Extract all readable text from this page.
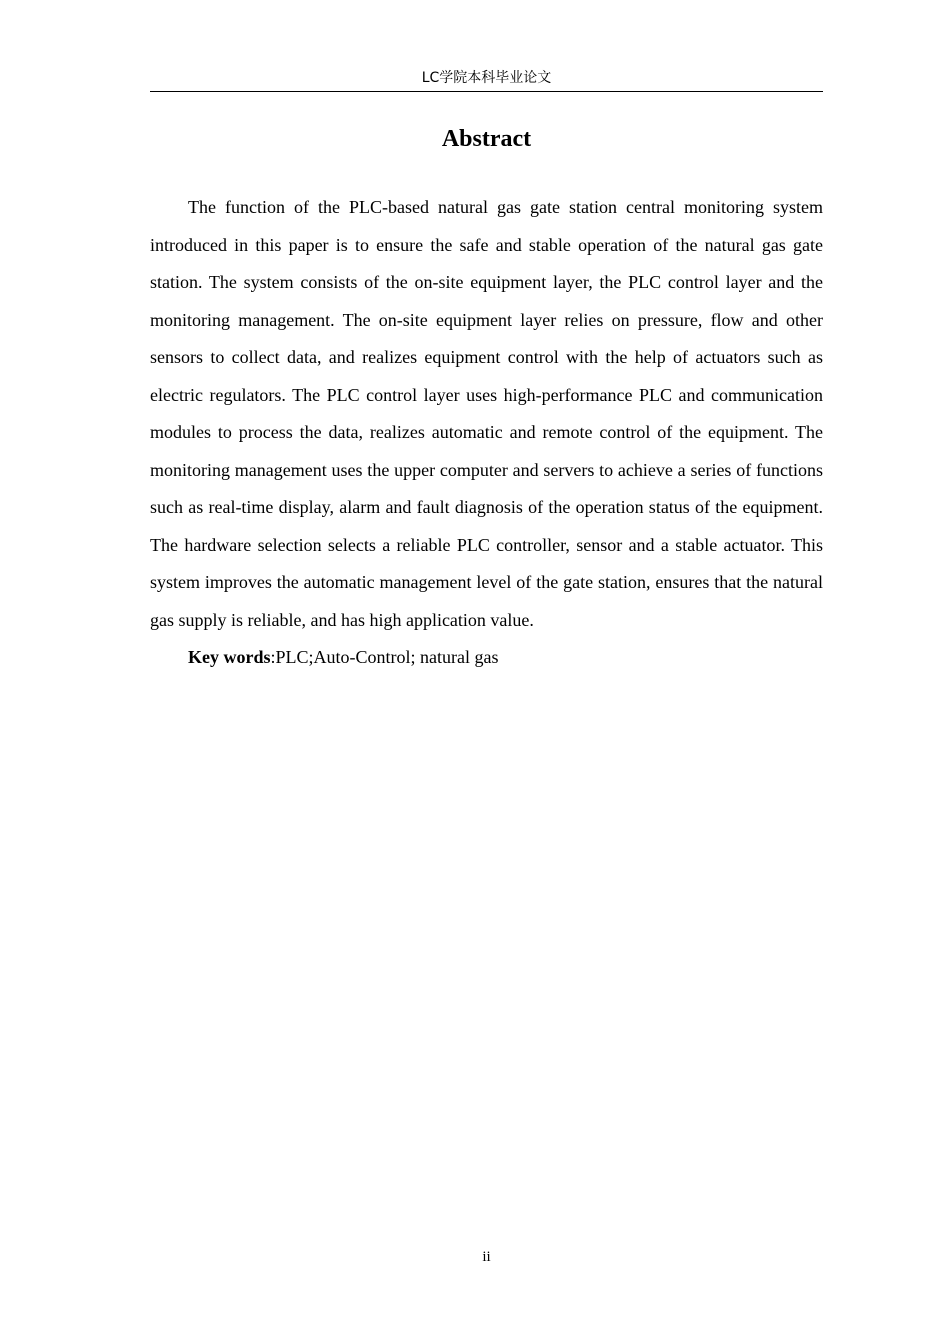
LC学院本科毕业论文
Abstract

The function of the PLC-based natural gas gate station central monitoring system introduced in this paper is to ensure the safe and stable operation of the natural gas gate station. The system consists of the on-site equipment layer, the PLC control layer and the monitoring management. The on-site equipment layer relies on pressure, flow and other sensors to collect data, and realizes equipment control with the help of actuators such as electric regulators. The PLC control layer uses high-performance PLC and communication modules to process the data, realizes automatic and remote control of the equipment. The monitoring management uses the upper computer and servers to achieve a series of functions such as real-time display, alarm and fault diagnosis of the operation status of the equipment. The hardware selection selects a reliable PLC controller, sensor and a stable actuator. This system improves the automatic management level of the gate station, ensures that the natural gas supply is reliable, and has high application value.

Key words:PLC;Auto-Control; natural gas

ii
